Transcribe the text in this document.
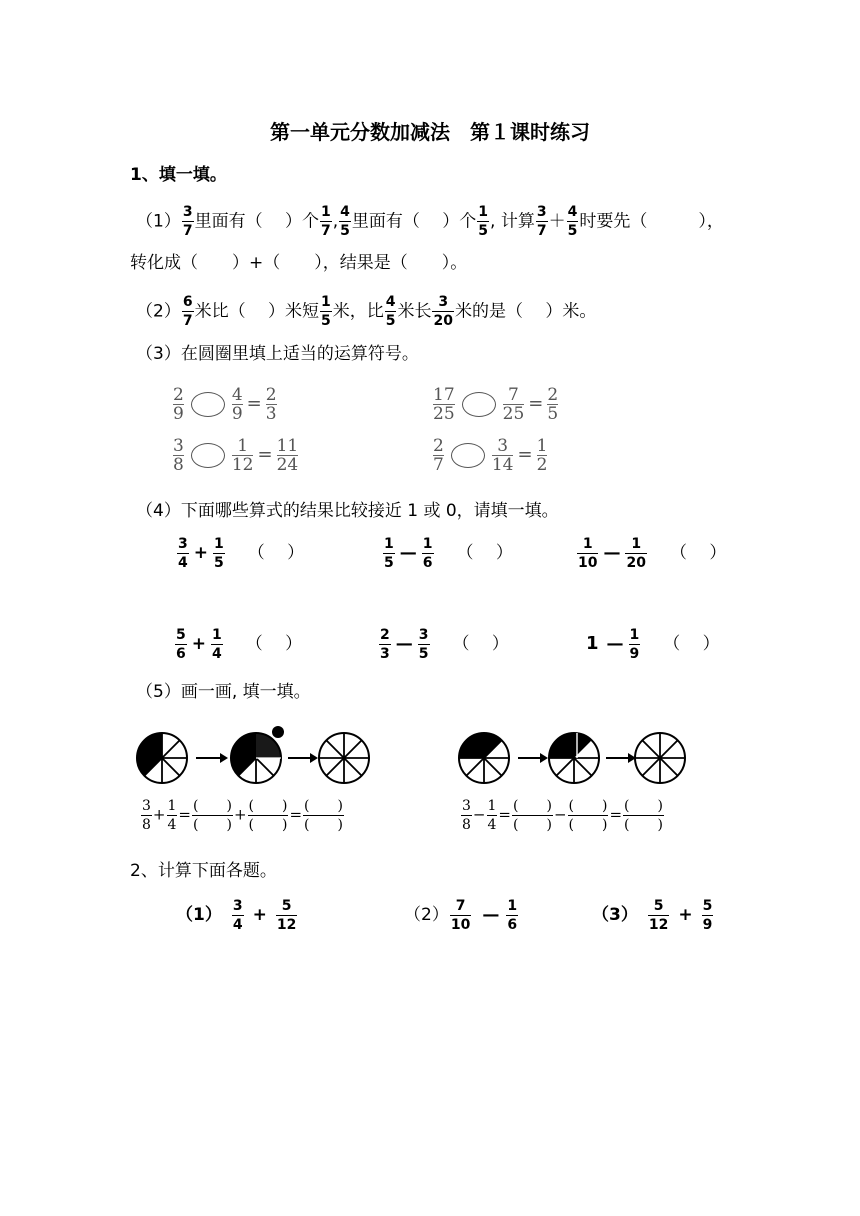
第一单元分数加减法　第１课时练习
1、填一填。
$(1) \frac{3}{7}$ 里面有（　 ）个 $\frac{1}{7}$ , $\frac{4}{5}$ 里面有（　 ）个 $\frac{1}{5}$ , 计算 $\frac{3}{7} + \frac{4}{5}$ 时要先（　　　），
转化成（　　）+（　　），结果是（　　）。
$(2) \frac{6}{7}$ 米比（　 ）米短 $\frac{1}{5}$ 米，比 $\frac{4}{5}$ 米长 $\frac{3}{20}$ 米的是（　 ）米。
（3）在圆圈里填上适当的运算符号。
$\frac{2}{9}$	$\frac{4}{9} = \frac{2}{3}$	$\frac{17}{25}$	$\frac{7}{25} = \frac{2}{5}$
$\frac{3}{8}$	$\frac{1}{12} = \frac{11}{24}$	$\frac{2}{7}$	$\frac{3}{14} = \frac{1}{2}$
（4）下面哪些算式的结果比较接近 1 或 0，请填一填。
$\frac{3}{4} + \frac{1}{5}$ （　 ）	$\frac{1}{5}$ — $\frac{1}{6}$ （　 ）	$\frac{1}{10}$ — $\frac{1}{20}$ （　 ）
$\frac{5}{6} + \frac{1}{4}$ （　 ）	$\frac{2}{3}$ — $\frac{3}{5}$ （　 ）	1 — $\frac{1}{9}$ （　 ）
（5）画一画, 填一填。
$\frac{3}{8} + \frac{1}{4}$ = (　　)
(　　)
+ (　　)
(　　)
= (　　)
(　　)	$\frac{3}{8} - \frac{1}{4}$ = (　　)
(　　)
− (　　)
(　　)
= (　　)
(　　)
2、计算下面各题。
$(1) \frac{3}{4} + \frac{5}{12}$	$(2) \frac{7}{10}$ — $\frac{1}{6}$	$(3) \frac{5}{12} + \frac{5}{9}$
